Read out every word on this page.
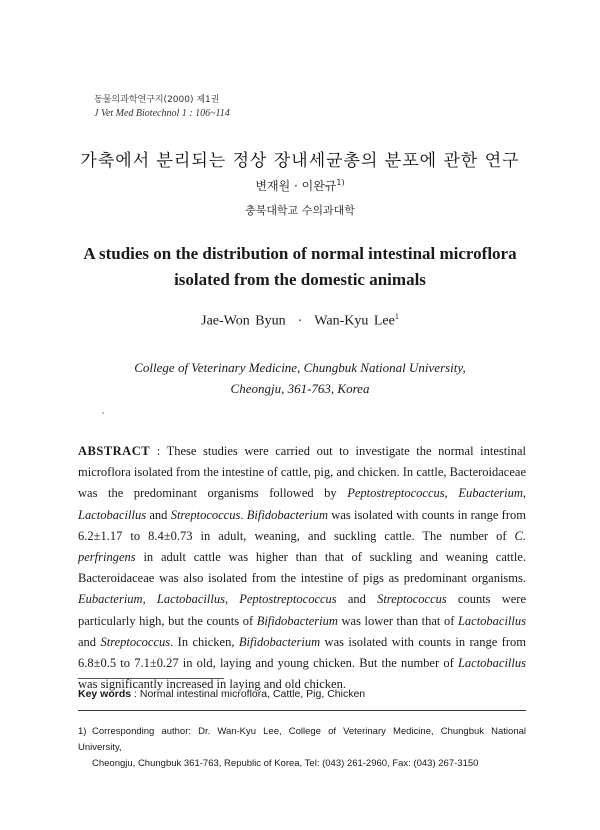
동물의과학연구지(2000) 제1권
J Vet Med Biotechnol 1 : 106~114
가축에서 분리되는 정상 장내세균총의 분포에 관한 연구
변재원 · 이완규$^{1)}$
충북대학교 수의과대학
A studies on the distribution of normal intestinal microflora isolated from the domestic animals
Jae-Won Byun · Wan-Kyu Lee$^1$
College of Veterinary Medicine, Chungbuk National University,
Cheongju, 361-763, Korea
ABSTRACT : These studies were carried out to investigate the normal intestinal microflora isolated from the intestine of cattle, pig, and chicken. In cattle, Bacteroidaceae was the predominant organisms followed by Peptostreptococcus, Eubacterium, Lactobacillus and Streptococcus. Bifidobacterium was isolated with counts in range from 6.2±1.17 to 8.4±0.73 in adult, weaning, and suckling cattle. The number of C. perfringens in adult cattle was higher than that of suckling and weaning cattle. Bacteroidaceae was also isolated from the intestine of pigs as predominant organisms. Eubacterium, Lactobacillus, Peptostreptococcus and Streptococcus counts were particularly high, but the counts of Bifidobacterium was lower than that of Lactobacillus and Streptococcus. In chicken, Bifidobacterium was isolated with counts in range from 6.8±0.5 to 7.1±0.27 in old, laying and young chicken. But the number of Lactobacillus was significantly increased in laying and old chicken.
Key words : Normal intestinal microflora, Cattle, Pig, Chicken
1) Corresponding author: Dr. Wan-Kyu Lee, College of Veterinary Medicine, Chungbuk National University,
Cheongju, Chungbuk 361-763, Republic of Korea, Tel: (043) 261-2960, Fax: (043) 267-3150
